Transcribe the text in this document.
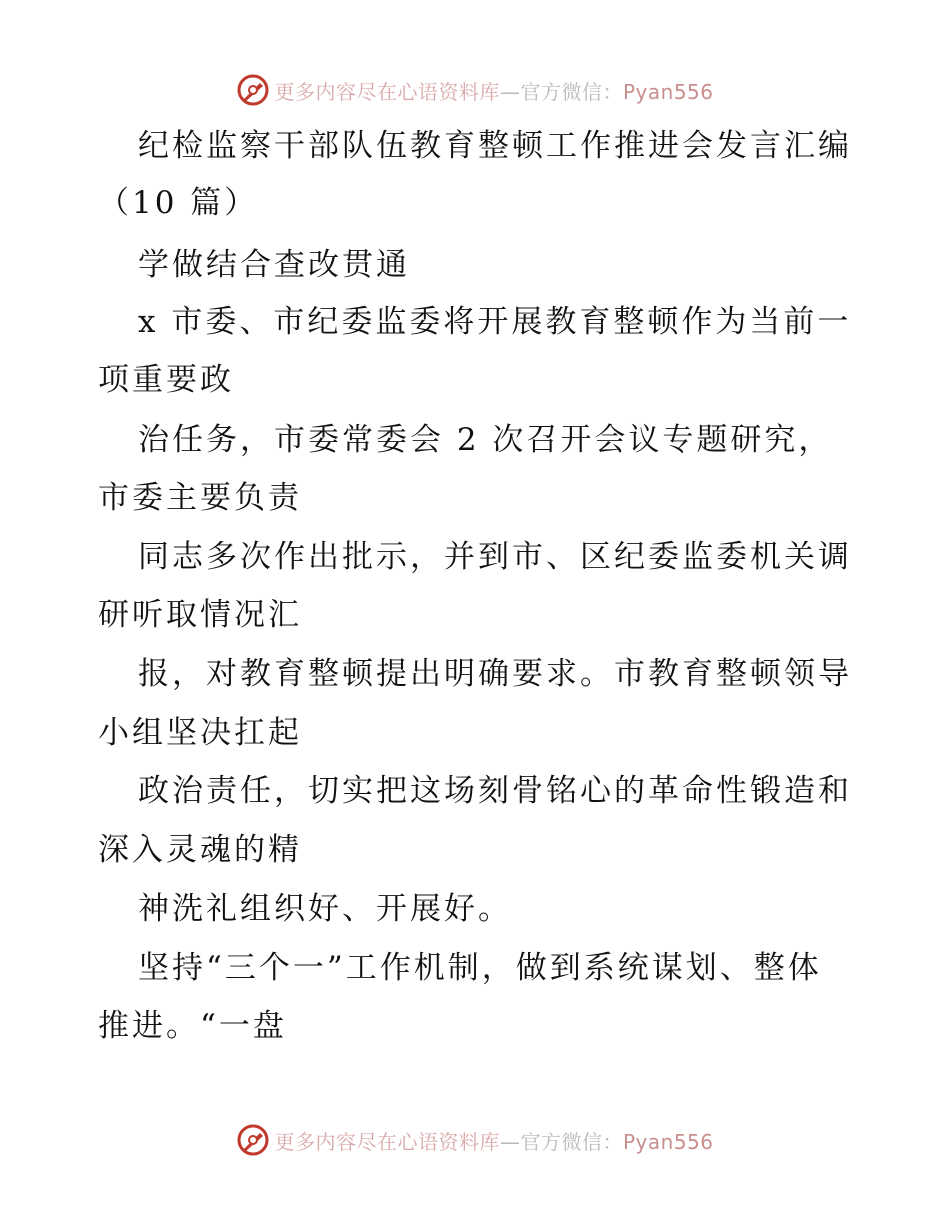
更多内容尽在心语资料库—官方微信：Pyan556
纪检监察干部队伍教育整顿工作推进会发言汇编
（10 篇）
学做结合查改贯通
x 市委、市纪委监委将开展教育整顿作为当前一
项重要政
治任务，市委常委会 2 次召开会议专题研究，
市委主要负责
同志多次作出批示，并到市、区纪委监委机关调
研听取情况汇
报，对教育整顿提出明确要求。市教育整顿领导
小组坚决扛起
政治责任，切实把这场刻骨铭心的革命性锻造和
深入灵魂的精
神洗礼组织好、开展好。
坚持“三个一”工作机制，做到系统谋划、整体
推进。“一盘
更多内容尽在心语资料库—官方微信：Pyan556
